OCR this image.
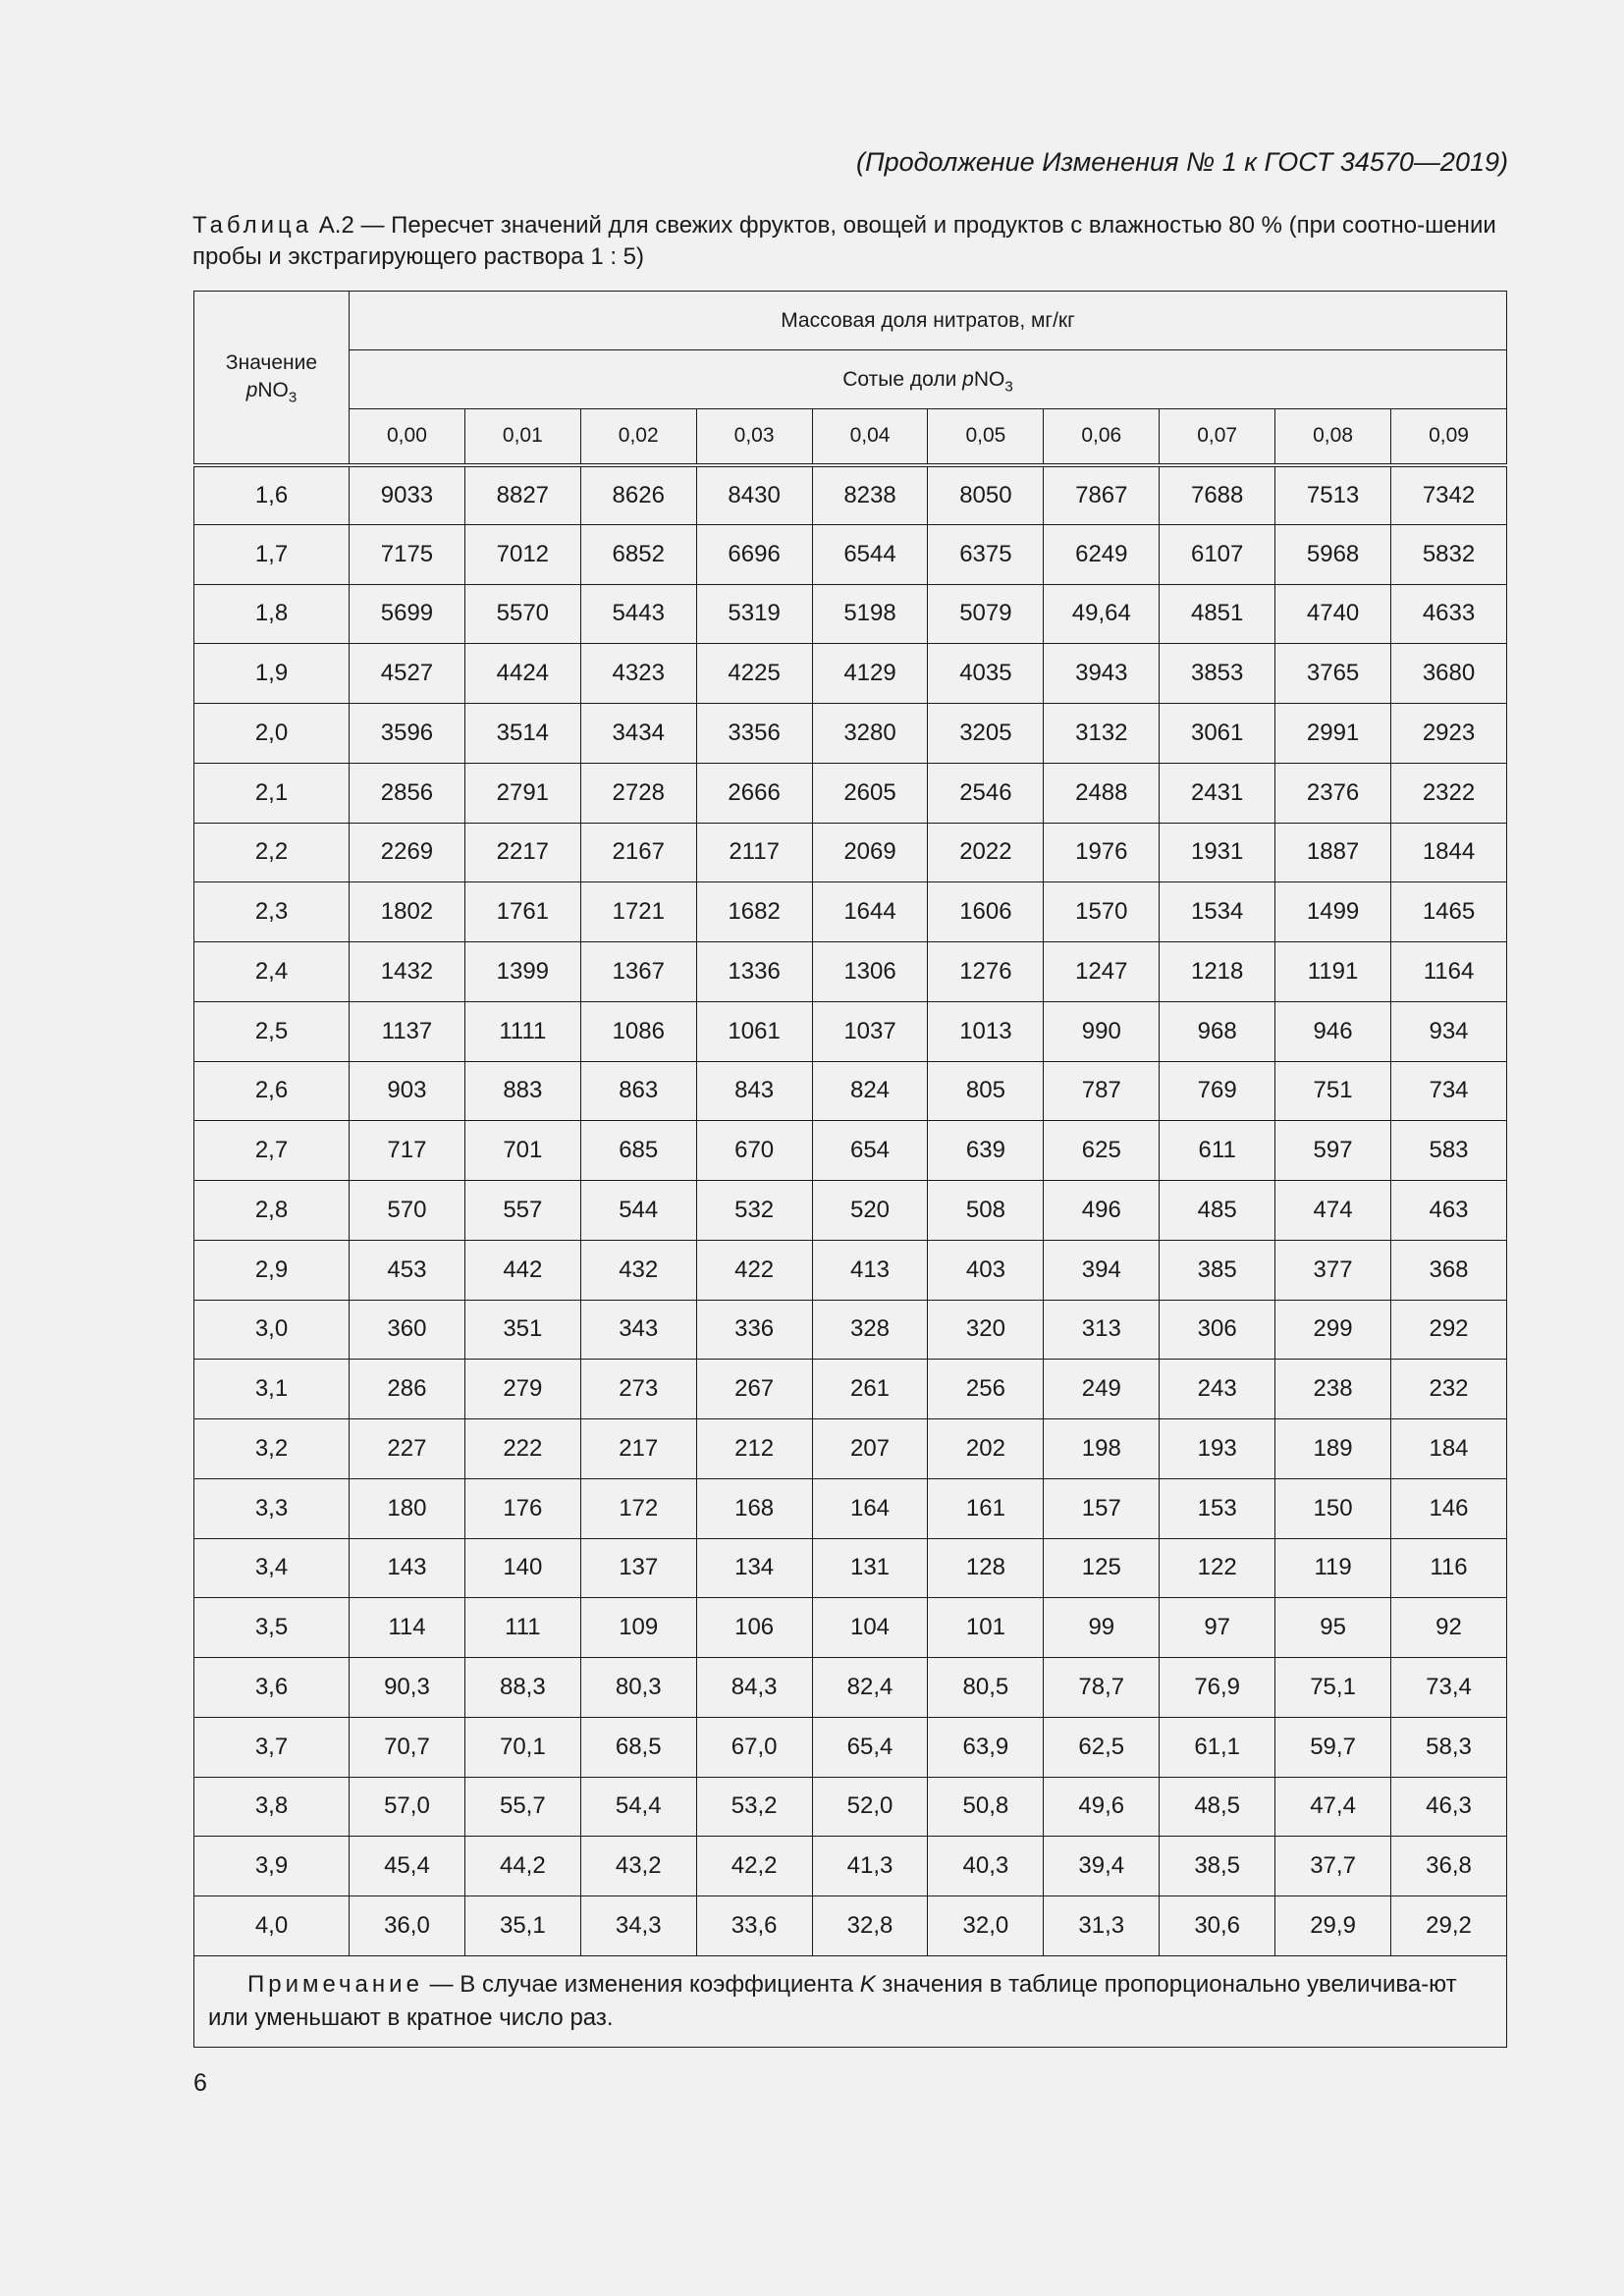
(Продолжение Изменения № 1 к ГОСТ 34570—2019)
Таблица А.2 — Пересчет значений для свежих фруктов, овощей и продуктов с влажностью 80 % (при соотно-шении пробы и экстрагирующего раствора 1 : 5)
Значение
pNO$_3$	Массовая доля нитратов, мг/кг									
	Сотые доли pNO$_3$
	0,00	0,01	0,02	0,03	0,04	0,05	0,06	0,07	0,08	0,09
1,6	9033	8827	8626	8430	8238	8050	7867	7688	7513	7342
1,7	7175	7012	6852	6696	6544	6375	6249	6107	5968	5832
1,8	5699	5570	5443	5319	5198	5079	49,64	4851	4740	4633
1,9	4527	4424	4323	4225	4129	4035	3943	3853	3765	3680
2,0	3596	3514	3434	3356	3280	3205	3132	3061	2991	2923
2,1	2856	2791	2728	2666	2605	2546	2488	2431	2376	2322
2,2	2269	2217	2167	2117	2069	2022	1976	1931	1887	1844
2,3	1802	1761	1721	1682	1644	1606	1570	1534	1499	1465
2,4	1432	1399	1367	1336	1306	1276	1247	1218	1191	1164
2,5	1137	1111	1086	1061	1037	1013	990	968	946	934
2,6	903	883	863	843	824	805	787	769	751	734
2,7	717	701	685	670	654	639	625	611	597	583
2,8	570	557	544	532	520	508	496	485	474	463
2,9	453	442	432	422	413	403	394	385	377	368
3,0	360	351	343	336	328	320	313	306	299	292
3,1	286	279	273	267	261	256	249	243	238	232
3,2	227	222	217	212	207	202	198	193	189	184
3,3	180	176	172	168	164	161	157	153	150	146
3,4	143	140	137	134	131	128	125	122	119	116
3,5	114	111	109	106	104	101	99	97	95	92
3,6	90,3	88,3	80,3	84,3	82,4	80,5	78,7	76,9	75,1	73,4
3,7	70,7	70,1	68,5	67,0	65,4	63,9	62,5	61,1	59,7	58,3
3,8	57,0	55,7	54,4	53,2	52,0	50,8	49,6	48,5	47,4	46,3
3,9	45,4	44,2	43,2	42,2	41,3	40,3	39,4	38,5	37,7	36,8
4,0	36,0	35,1	34,3	33,6	32,8	32,0	31,3	30,6	29,9	29,2
Примечание — В случае изменения коэффициента K значения в таблице пропорционально увеличива-ют или уменьшают в кратное число раз.										
6
